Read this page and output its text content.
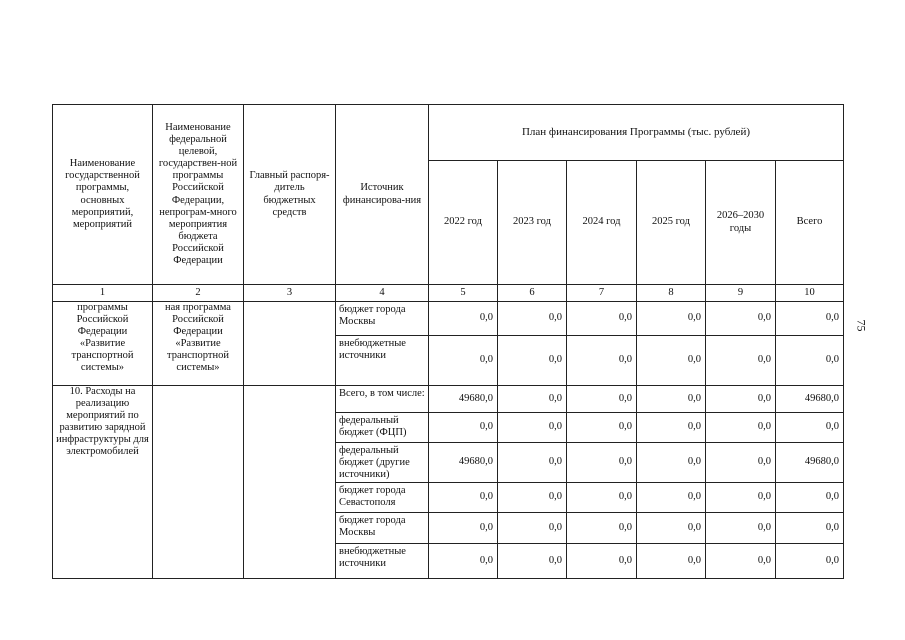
Наименование государственной программы, основных мероприятий, мероприятий	Наименование федеральной целевой, государствен-ной программы Российской Федерации, непрограм-много мероприятия бюджета Российской Федерации	Главный распоря-дитель бюджетных средств	Источник финансирова-ния	План финансирования Программы (тыс. рублей)					
				2022 год	2023 год	2024 год	2025 год	2026–2030 годы	Всего
1	2	3	4	5	6	7	8	9	10
программы Российской Федерации «Развитие транспортной системы»	ная программа Российской Федерации «Развитие транспортной системы»		бюджет города Москвы	0,0	0,0	0,0	0,0	0,0	0,0
			внебюджетные источники	0,0	0,0	0,0	0,0	0,0	0,0
10. Расходы на реализацию мероприятий по развитию зарядной инфраструктуры для электромобилей			Всего, в том числе:	49680,0	0,0	0,0	0,0	0,0	49680,0
			федеральный бюджет (ФЦП)	0,0	0,0	0,0	0,0	0,0	0,0
			федеральный бюджет (другие источники)	49680,0	0,0	0,0	0,0	0,0	49680,0
			бюджет города Севастополя	0,0	0,0	0,0	0,0	0,0	0,0
			бюджет города Москвы	0,0	0,0	0,0	0,0	0,0	0,0
			внебюджетные источники	0,0	0,0	0,0	0,0	0,0	0,0
75
